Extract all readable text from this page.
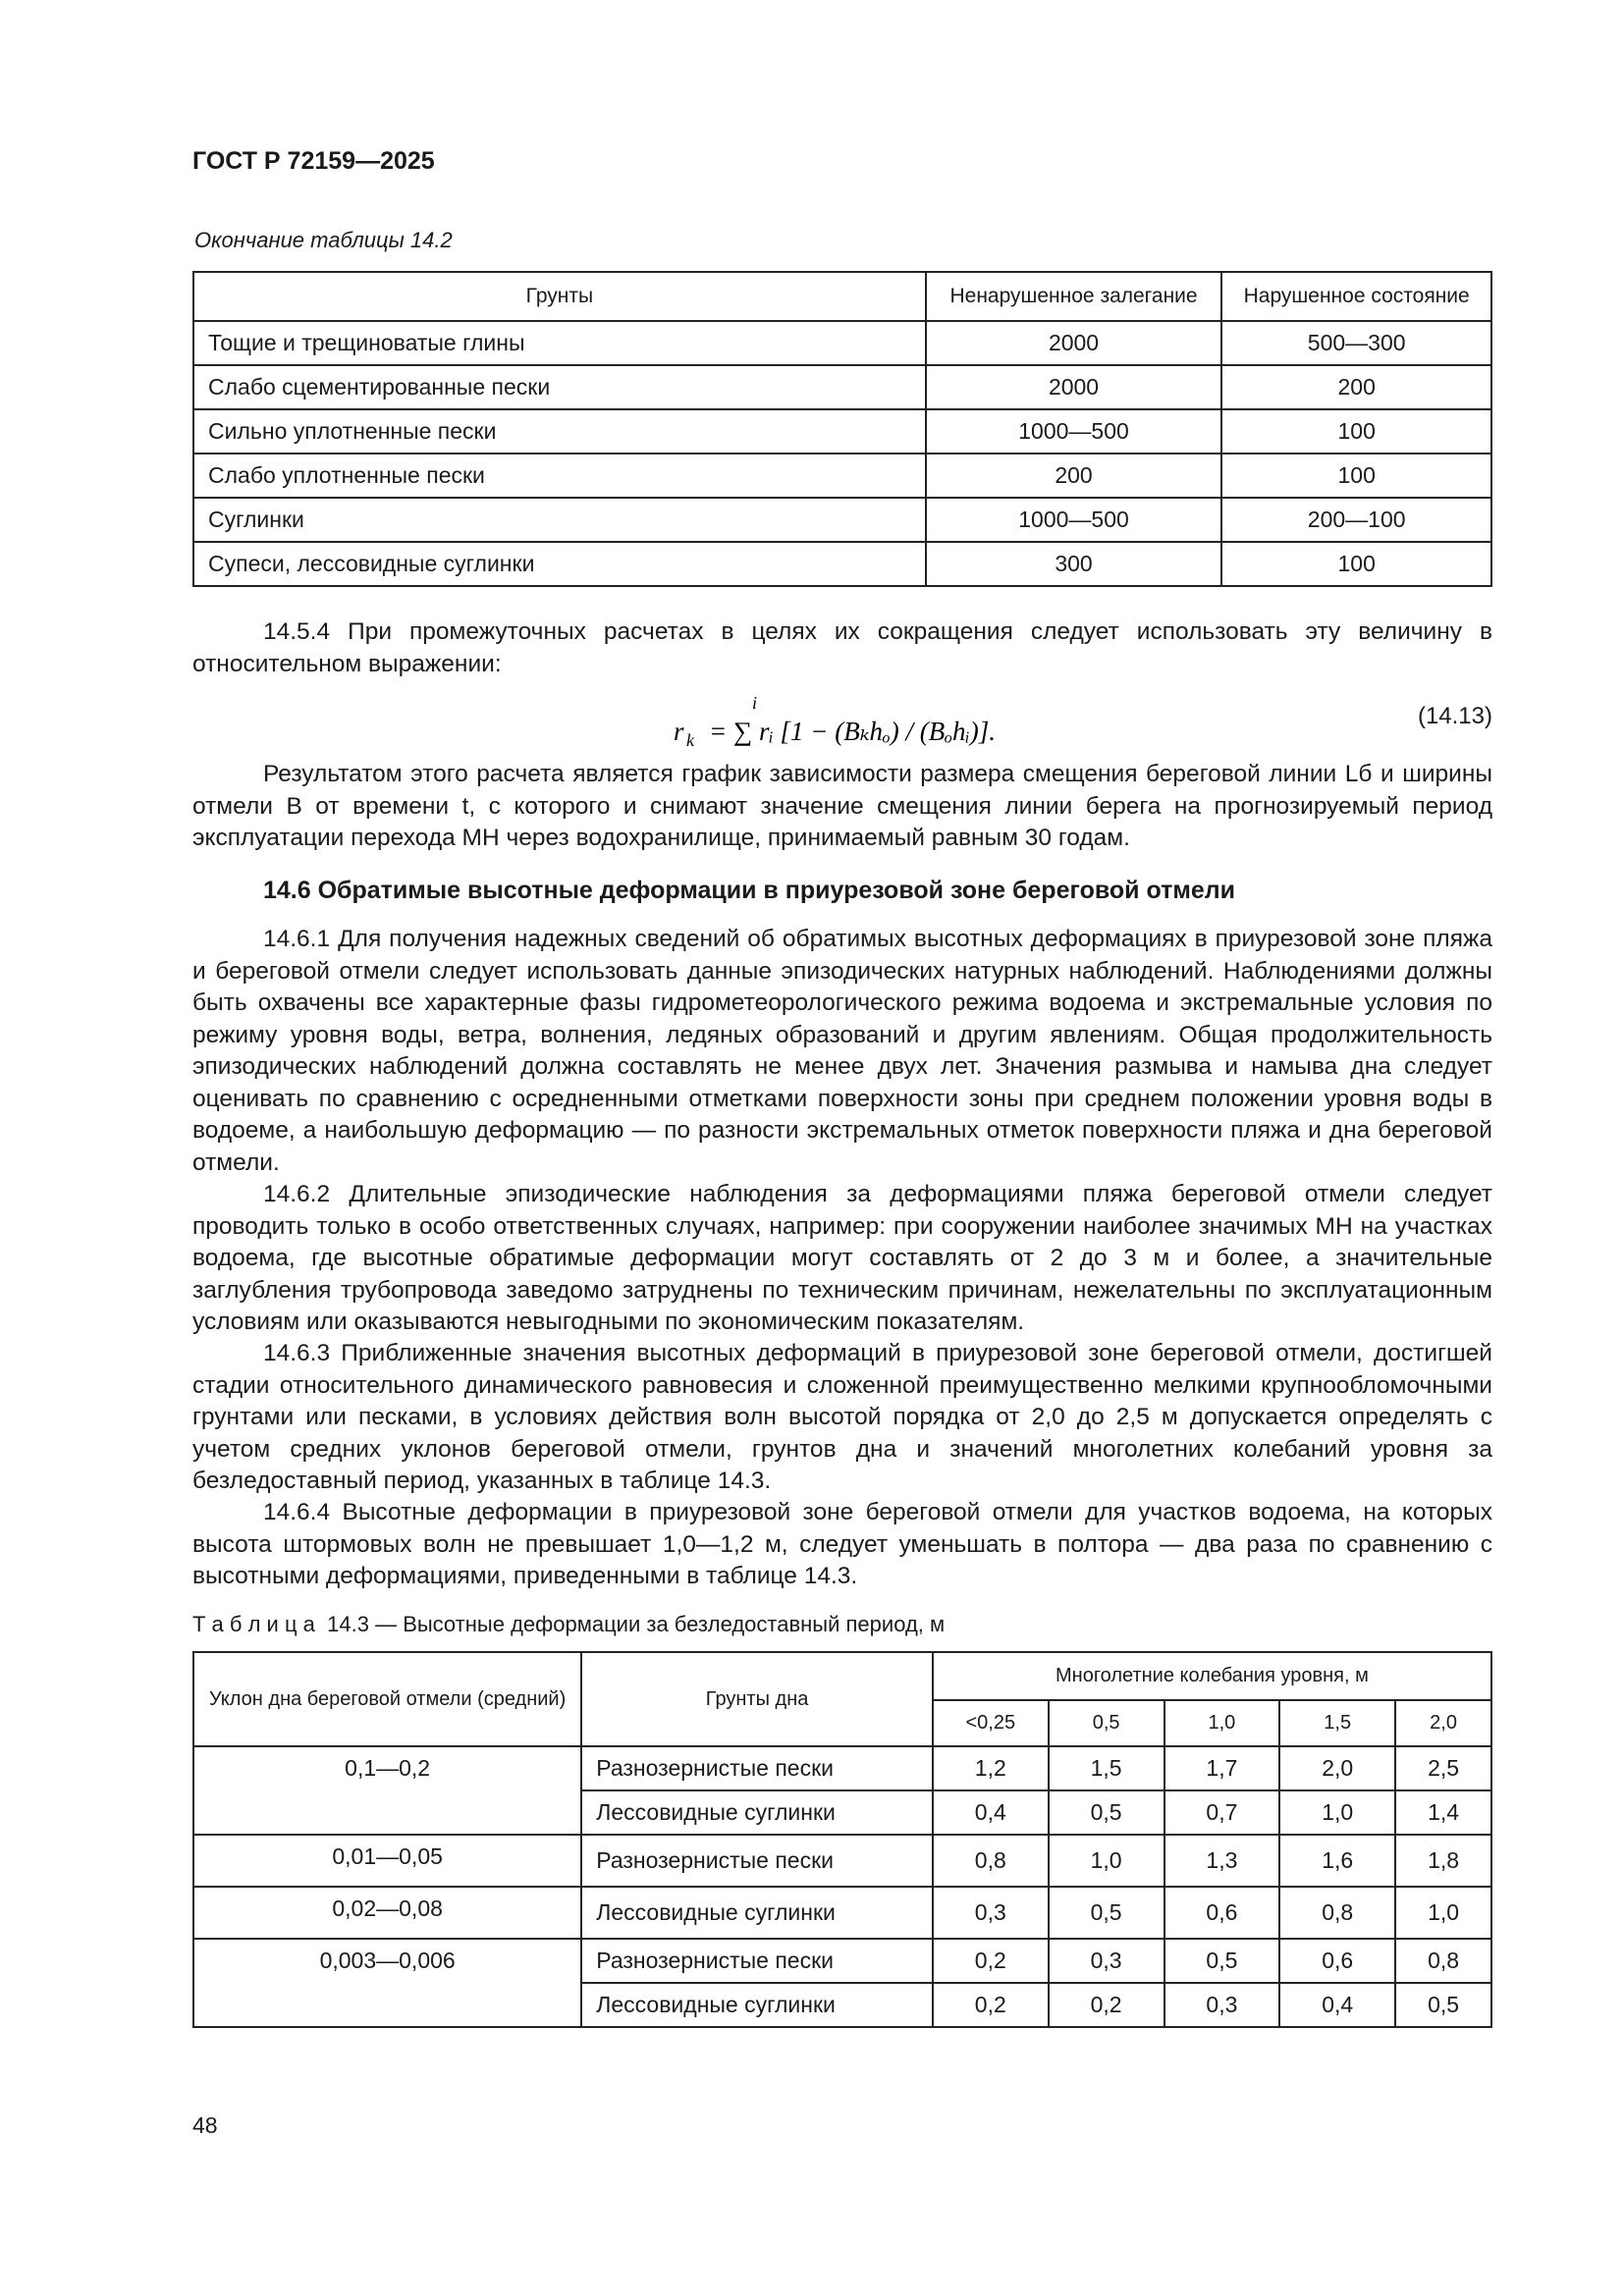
ГОСТ Р 72159—2025
Окончание таблицы 14.2
Грунты	Ненарушенное залегание	Нарушенное состояние
Тощие и трещиноватые глины	2000	500—300
Слабо сцементированные пески	2000	200
Сильно уплотненные пески	1000—500	100
Слабо уплотненные пески	200	100
Суглинки	1000—500	200—100
Супеси, лессовидные суглинки	300	100

14.5.4 При промежуточных расчетах в целях их сокращения следует использовать эту величину в относительном выражении:

r k
i
= ∑ rᵢ [1 − (Bₖhₒ) / (Bₒhᵢ)].
(14.13)

Результатом этого расчета является график зависимости размера смещения береговой линии Lб и ширины отмели B от времени t, с которого и снимают значение смещения линии берега на прогнозируемый период эксплуатации перехода МН через водохранилище, принимаемый равным 30 годам.

14.6 Обратимые высотные деформации в приурезовой зоне береговой отмели

14.6.1 Для получения надежных сведений об обратимых высотных деформациях в приурезовой зоне пляжа и береговой отмели следует использовать данные эпизодических натурных наблюдений. Наблюдениями должны быть охвачены все характерные фазы гидрометеорологического режима водоема и экстремальные условия по режиму уровня воды, ветра, волнения, ледяных образований и другим явлениям. Общая продолжительность эпизодических наблюдений должна составлять не менее двух лет. Значения размыва и намыва дна следует оценивать по сравнению с осредненными отметками поверхности зоны при среднем положении уровня воды в водоеме, а наибольшую деформацию — по разности экстремальных отметок поверхности пляжа и дна береговой отмели.

14.6.2 Длительные эпизодические наблюдения за деформациями пляжа береговой отмели следует проводить только в особо ответственных случаях, например: при сооружении наиболее значимых МН на участках водоема, где высотные обратимые деформации могут составлять от 2 до 3 м и более, а значительные заглубления трубопровода заведомо затруднены по техническим причинам, нежелательны по эксплуатационным условиям или оказываются невыгодными по экономическим показателям.

14.6.3 Приближенные значения высотных деформаций в приурезовой зоне береговой отмели, достигшей стадии относительного динамического равновесия и сложенной преимущественно мелкими крупнообломочными грунтами или песками, в условиях действия волн высотой порядка от 2,0 до 2,5 м допускается определять с учетом средних уклонов береговой отмели, грунтов дна и значений многолетних колебаний уровня за безледоставный период, указанных в таблице 14.3.

14.6.4 Высотные деформации в приурезовой зоне береговой отмели для участков водоема, на которых высота штормовых волн не превышает 1,0—1,2 м, следует уменьшать в полтора — два раза по сравнению с высотными деформациями, приведенными в таблице 14.3.

Т а б л и ц а 14.3 — Высотные деформации за безледоставный период, м
Уклон дна береговой отмели (средний)	Грунты дна	Многолетние колебания уровня, м				
		<0,25	0,5	1,0	1,5	2,0
0,1—0,2	Разнозернистые пески	1,2	1,5	1,7	2,0	2,5
	Лессовидные суглинки	0,4	0,5	0,7	1,0	1,4
0,01—0,05	Разнозернистые пески	0,8	1,0	1,3	1,6	1,8
0,02—0,08	Лессовидные суглинки	0,3	0,5	0,6	0,8	1,0
0,003—0,006	Разнозернистые пески	0,2	0,3	0,5	0,6	0,8
	Лессовидные суглинки	0,2	0,2	0,3	0,4	0,5
48
